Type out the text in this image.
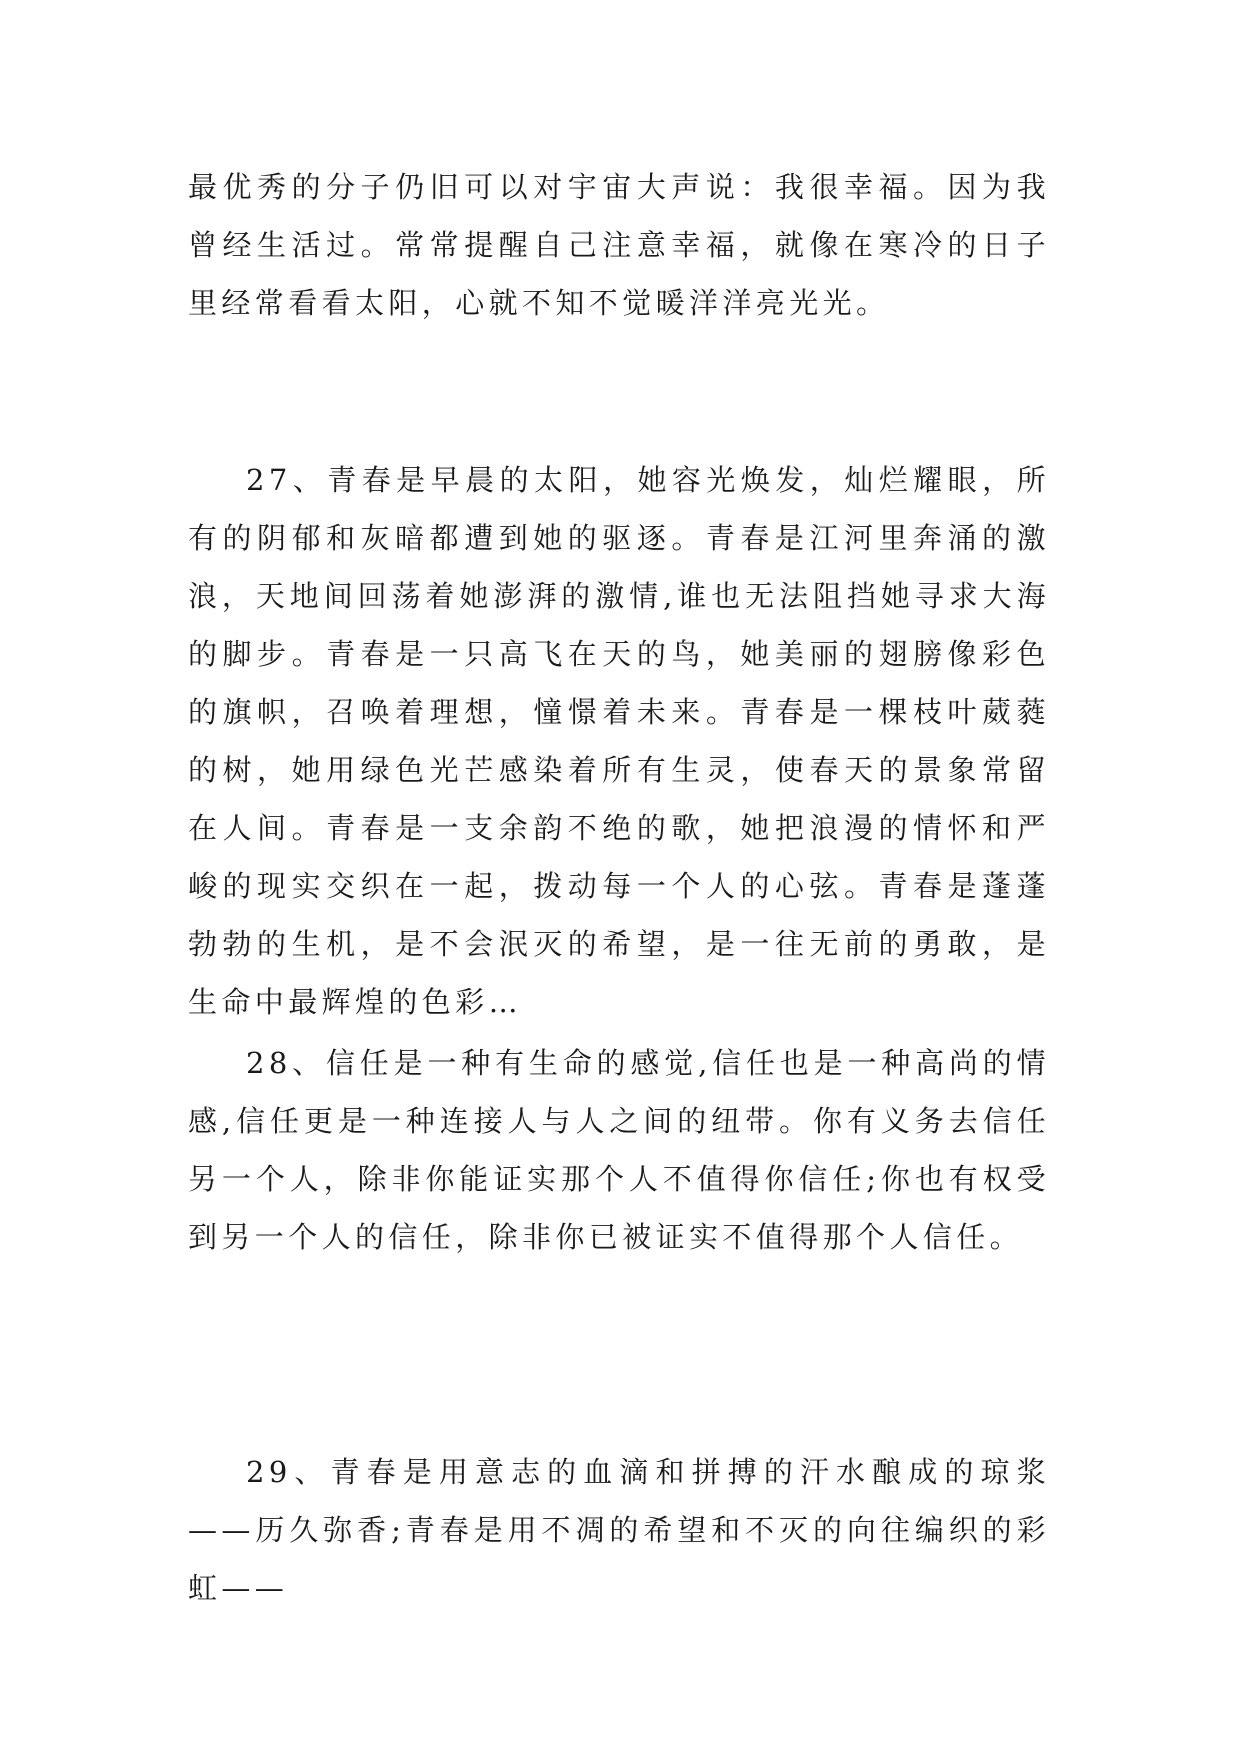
最优秀的分子仍旧可以对宇宙大声说：我很幸福。因为我曾经生活过。常常提醒自己注意幸福，就像在寒冷的日子里经常看看太阳，心就不知不觉暖洋洋亮光光。

27、青春是早晨的太阳，她容光焕发，灿烂耀眼，所有的阴郁和灰暗都遭到她的驱逐。青春是江河里奔涌的激浪，天地间回荡着她澎湃的激情,谁也无法阻挡她寻求大海的脚步。青春是一只高飞在天的鸟，她美丽的翅膀像彩色的旗帜，召唤着理想，憧憬着未来。青春是一棵枝叶葳蕤的树，她用绿色光芒感染着所有生灵，使春天的景象常留在人间。青春是一支余韵不绝的歌，她把浪漫的情怀和严峻的现实交织在一起，拨动每一个人的心弦。青春是蓬蓬勃勃的生机，是不会泯灭的希望，是一往无前的勇敢，是生命中最辉煌的色彩…

28、信任是一种有生命的感觉,信任也是一种高尚的情感,信任更是一种连接人与人之间的纽带。你有义务去信任另一个人，除非你能证实那个人不值得你信任;你也有权受到另一个人的信任，除非你已被证实不值得那个人信任。

29、青春是用意志的血滴和拼搏的汗水酿成的琼浆——历久弥香;青春是用不凋的希望和不灭的向往编织的彩虹——
